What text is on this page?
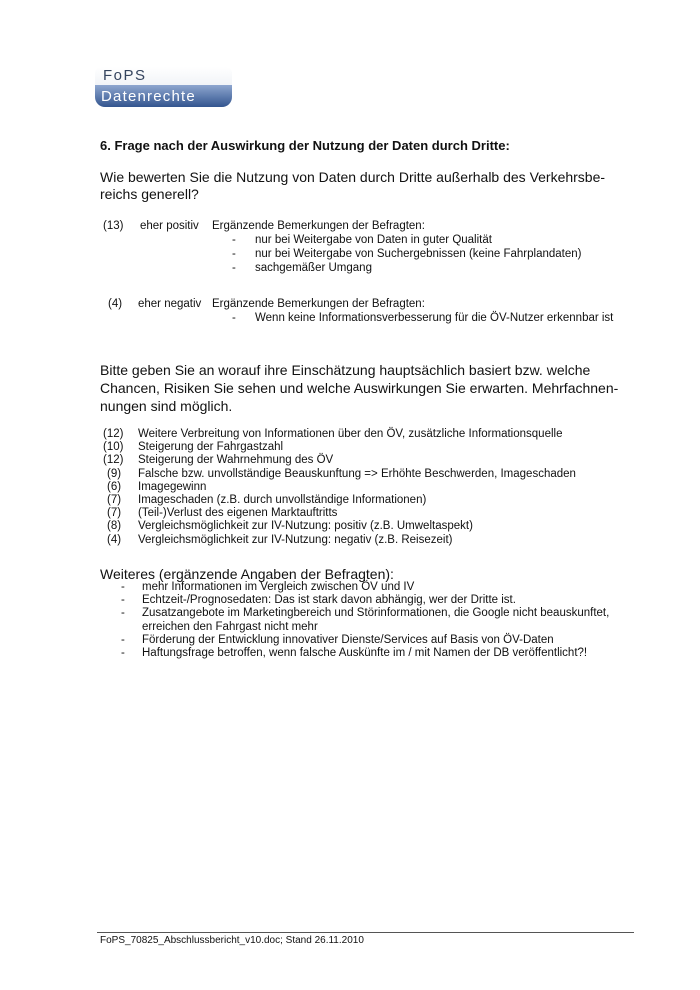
FoPS
Datenrechte
6. Frage nach der Auswirkung der Nutzung der Daten durch Dritte:
Wie bewerten Sie die Nutzung von Daten durch Dritte außerhalb des Verkehrsbe-reichs generell?
(13) eher positiv Ergänzende Bemerkungen der Befragten:
- nur bei Weitergabe von Daten in guter Qualität
- nur bei Weitergabe von Suchergebnissen (keine Fahrplandaten)
- sachgemäßer Umgang
(4) eher negativ Ergänzende Bemerkungen der Befragten:
- Wenn keine Informationsverbesserung für die ÖV-Nutzer erkennbar ist
Bitte geben Sie an worauf ihre Einschätzung hauptsächlich basiert bzw. welche Chancen, Risiken Sie sehen und welche Auswirkungen Sie erwarten. Mehrfachnen-nungen sind möglich.
(12) Weitere Verbreitung von Informationen über den ÖV, zusätzliche Informationsquelle
(10) Steigerung der Fahrgastzahl
(12) Steigerung der Wahrnehmung des ÖV
(9) Falsche bzw. unvollständige Beauskunftung => Erhöhte Beschwerden, Imageschaden
(6) Imagegewinn
(7) Imageschaden (z.B. durch unvollständige Informationen)
(7) (Teil-)Verlust des eigenen Marktauftritts
(8) Vergleichsmöglichkeit zur IV-Nutzung: positiv (z.B. Umweltaspekt)
(4) Vergleichsmöglichkeit zur IV-Nutzung: negativ (z.B. Reisezeit)
Weiteres (ergänzende Angaben der Befragten):
- mehr Informationen im Vergleich zwischen ÖV und IV
- Echtzeit-/Prognosedaten: Das ist stark davon abhängig, wer der Dritte ist.
- Zusatzangebote im Marketingbereich und Störinformationen, die Google nicht beauskunftet, erreichen den Fahrgast nicht mehr
- Förderung der Entwicklung innovativer Dienste/Services auf Basis von ÖV-Daten
- Haftungsfrage betroffen, wenn falsche Auskünfte im / mit Namen der DB veröffentlicht?!
FoPS_70825_Abschlussbericht_v10.doc; Stand 26.11.2010
